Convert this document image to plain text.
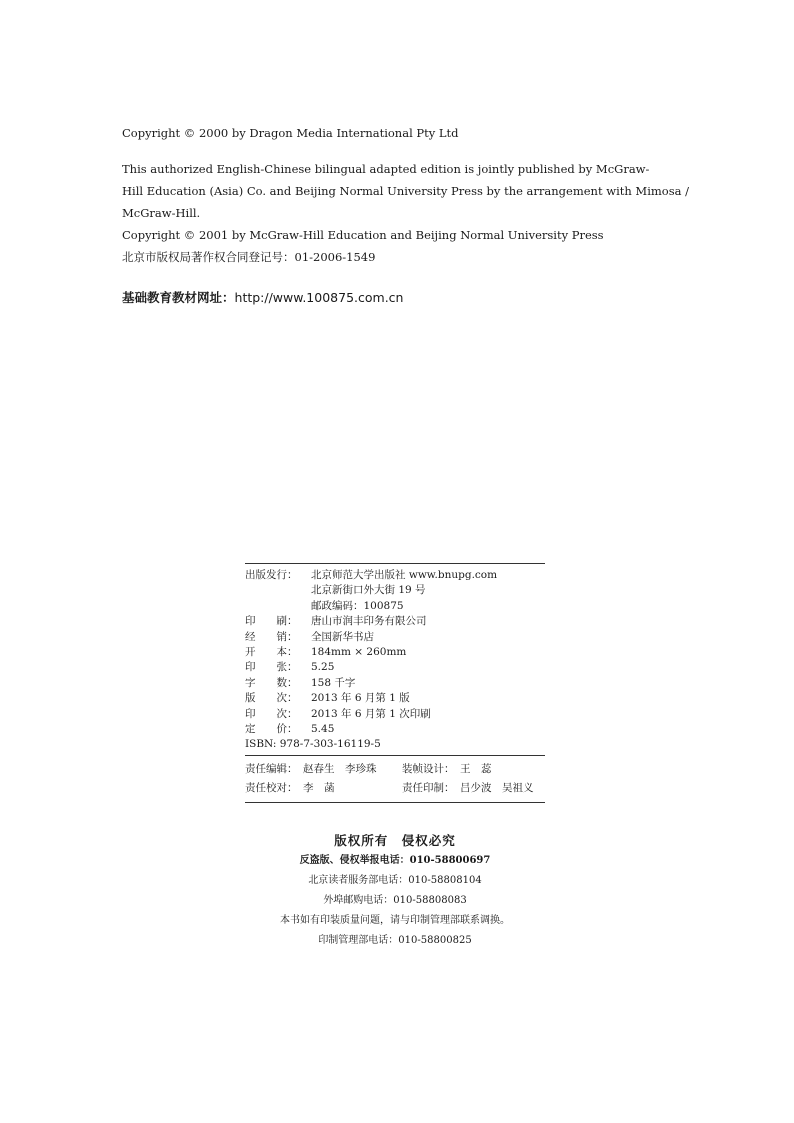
Copyright © 2000 by Dragon Media International Pty Ltd
This authorized English-Chinese bilingual adapted edition is jointly published by McGraw-
Hill Education (Asia) Co. and Beijing Normal University Press by the arrangement with Mimosa /
McGraw-Hill.
Copyright © 2001 by McGraw-Hill Education and Beijing Normal University Press
北京市版权局著作权合同登记号：01-2006-1549
基础教育教材网址：http://www.100875.com.cn
出版发行：	北京师范大学出版社 www.bnupg.com
北京新街口外大街 19 号
邮政编码：100875
印　　刷：	唐山市润丰印务有限公司
经　　销：	全国新华书店
开　　本：	184mm × 260mm
印　　张：	5.25
字　　数：	158 千字
版　　次：	2013 年 6 月第 1 版
印　　次：	2013 年 6 月第 1 次印刷
定　　价：	5.45
ISBN: 978-7-303-16119-5
责任编辑： 赵春生　李珍珠 装帧设计： 王　蕊
责任校对： 李　菡	责任印制： 吕少波　吴祖义
版权所有　侵权必究
反盗版、侵权举报电话：010-58800697
北京读者服务部电话：010-58808104
外埠邮购电话：010-58808083
本书如有印装质量问题，请与印制管理部联系调换。
印制管理部电话：010-58800825
